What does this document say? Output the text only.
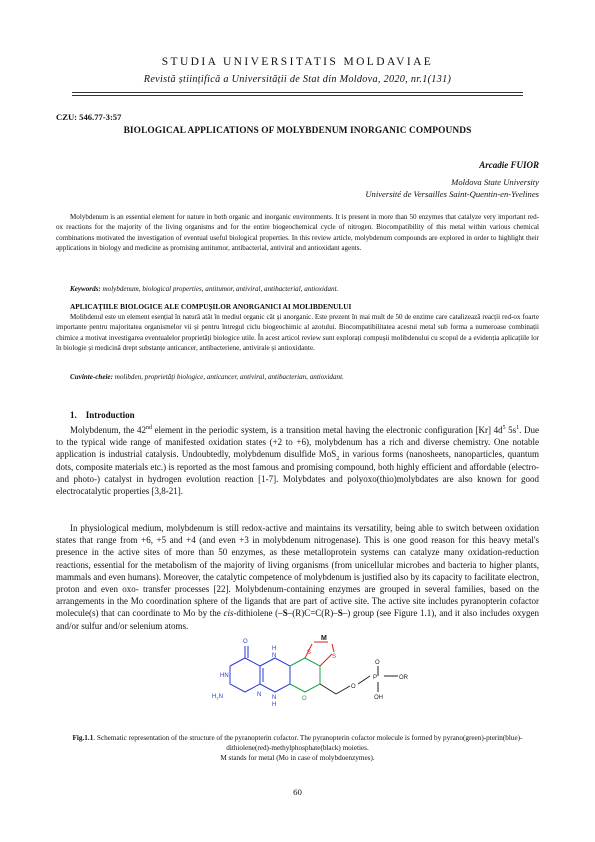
STUDIA UNIVERSITATIS MOLDAVIAE
Revistă științifică a Universității de Stat din Moldova, 2020, nr.1(131)
CZU: 546.77-3:57
BIOLOGICAL APPLICATIONS OF MOLYBDENUM INORGANIC COMPOUNDS
Arcadie FUIOR
Moldova State University
Université de Versailles Saint-Quentin-en-Yvelines

Molybdenum is an essential element for nature in both organic and inorganic environments. It is present in more than 50 enzymes that catalyze very important red-ox reactions for the majority of the living organisms and for the entire biogeochemical cycle of nitrogen. Biocompatibility of this metal within various chemical combinations motivated the investigation of eventual useful biological properties. In this review article, molybdenum compounds are explored in order to highlight their applications in biology and medicine as promising antitumor, antibacterial, antiviral and antioxidant agents.

Keywords: molybdenum, biological properties, antitumor, antiviral, antibacterial, antioxidant.
APLICAȚIILE BIOLOGICE ALE COMPUȘILOR ANORGANICI AI MOLIBDENULUI

Molibdenul este un element esențial în natură atât în mediul organic cât și anorganic. Este prezent în mai mult de 50 de enzime care catalizează reacții red-ox foarte importante pentru majoritatea organismelor vii și pentru întregul ciclu biogeochimic al azotului. Biocompatibilitatea acestui metal sub forma a numeroase combinații chimice a motivat investigarea eventualelor proprietăți biologice utile. În acest articol review sunt explorați compușii molibdenului cu scopul de a evidenția aplicațiile lor în biologie și medicină drept substanțe anticancer, antibacteriene, antivirale și antioxidante.

Cuvinte-cheie: molibden, proprietăți biologice, anticancer, antiviral, antibacterian, antioxidant.
1. Introduction

Molybdenum, the 42nd element in the periodic system, is a transition metal having the electronic configuration [Kr] $4d^5$ $5s^1$. Due to the typical wide range of manifested oxidation states (+2 to +6), molybdenum has a rich and diverse chemistry. One notable application is industrial catalysis. Undoubtedly, molybdenum disulfide MoS$_2$ in various forms (nanosheets, nanoparticles, quantum dots, composite materials etc.) is reported as the most famous and promising compound, both highly efficient and affordable (electro- and photo-) catalyst in hydrogen evolution reaction [1-7]. Molybdates and polyoxo(thio)molybdates are also known for good electrocatalytic properties [3,8-21].

In physiological medium, molybdenum is still redox-active and maintains its versatility, being able to switch between oxidation states that range from +6, +5 and +4 (and even +3 in molybdenum nitrogenase). This is one good reason for this heavy metal's presence in the active sites of more than 50 enzymes, as these metalloprotein systems can catalyze many oxidation-reduction reactions, essential for the metabolism of the majority of living organisms (from unicellular microbes and bacteria to higher plants, mammals and even humans). Moreover, the catalytic competence of molybdenum is justified also by its capacity to facilitate electron, proton and even oxo- transfer processes [22]. Molybdenum-containing enzymes are grouped in several families, based on the arrangements in the Mo coordination sphere of the ligands that are part of active site. The active site includes pyranopterin cofactor molecule(s) that can coordinate to Mo by the cis-dithiolene (–S–(R)C=C(R)–S–) group (see Figure 1.1), and it also includes oxygen and/or sulfur and/or selenium atoms.

O
HN
$H_2N$	N
H
N
N
H
O
S
S
M
O
P
O
OR
OH
Fig.1.1. Schematic representation of the structure of the pyranopterin cofactor. The pyranopterin cofactor molecule is formed by pyrano(green)-pterin(blue)-dithiolene(red)-methylphosphate(black) moieties.
M stands for metal (Mo in case of molybdoenzymes).
60
